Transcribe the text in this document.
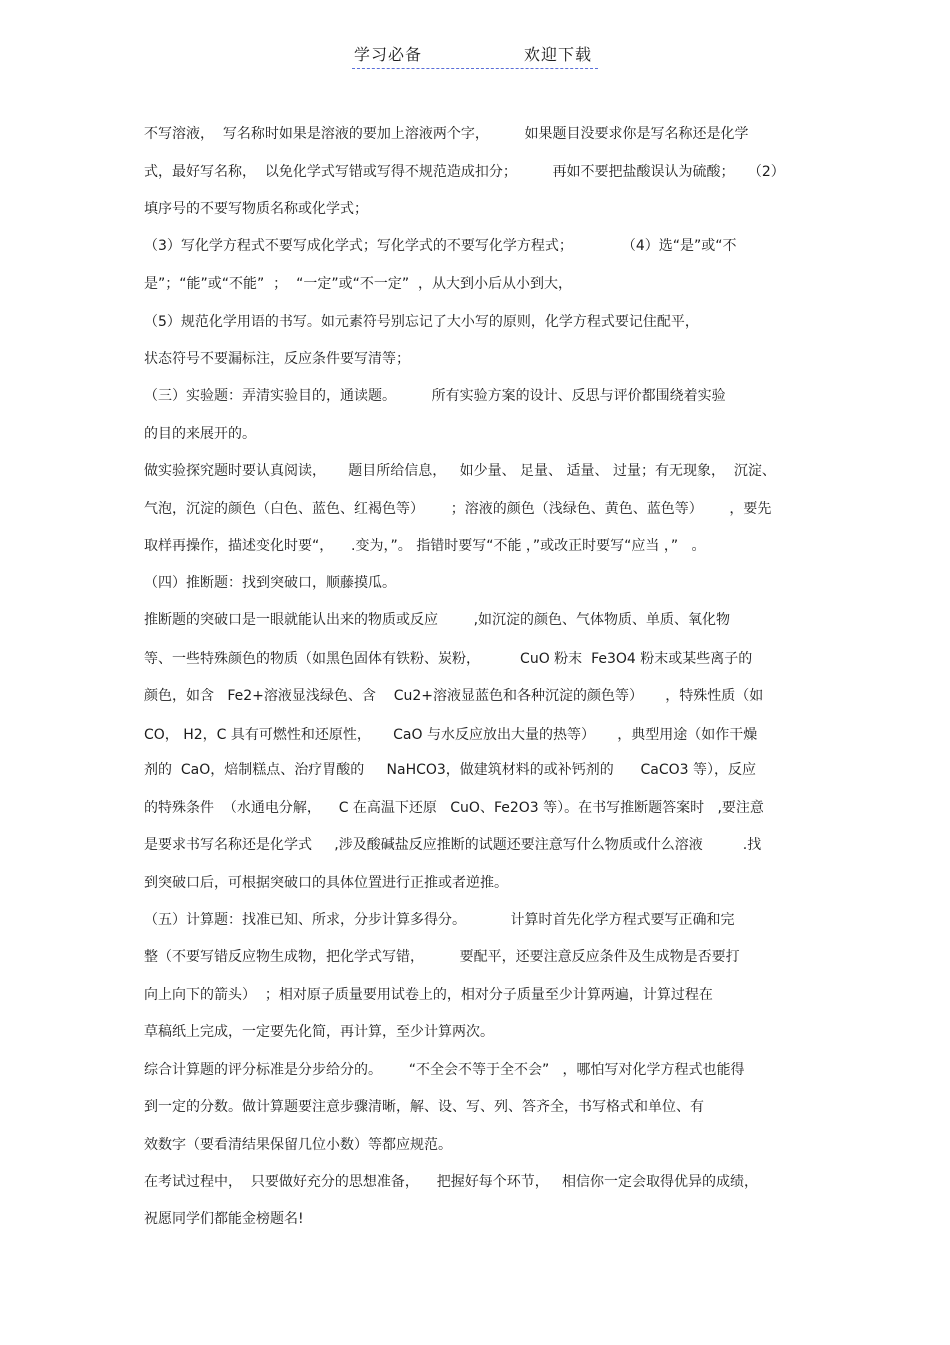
学习必备	欢迎下载
不写溶液，  写名称时如果是溶液的要加上溶液两个字，        如果题目没要求你是写名称还是化学
式，最好写名称，  以免化学式写错或写得不规范造成扣分；        再如不要把盐酸误认为硫酸；   （2）
填序号的不要写物质名称或化学式；
（3）写化学方程式不要写成化学式；写化学式的不要写化学方程式；           （4）选“是”或“不
是”；“能”或“不能”  ；  “一定”或“不一定”  ，从大到小后从小到大，
（5）规范化学用语的书写。如元素符号别忘记了大小写的原则，化学方程式要记住配平，
状态符号不要漏标注，反应条件要写清等；
（三）实验题：弄清实验目的，通读题。        所有实验方案的设计、反思与评价都围绕着实验
的目的来展开的。
做实验探究题时要认真阅读，     题目所给信息，   如少量、 足量、 适量、 过量；有无现象，  沉淀、
气泡，沉淀的颜色（白色、蓝色、红褐色等）      ；溶液的颜色（浅绿色、黄色、蓝色等）      ，要先
取样再操作，描述变化时要“，    .变为，”。 指错时要写“不能 ，”或改正时要写“应当 ，”   。
（四）推断题：找到突破口，顺藤摸瓜。
推断题的突破口是一眼就能认出来的物质或反应        ,如沉淀的颜色、气体物质、单质、氧化物
等、一些特殊颜色的物质（如黑色固体有铁粉、炭粉，         CuO 粉末  Fe3O4 粉末或某些离子的
颜色，如含   Fe2+溶液显浅绿色、含    Cu2+溶液显蓝色和各种沉淀的颜色等）     ，特殊性质（如
CO， H2，C 具有可燃性和还原性，     CaO 与水反应放出大量的热等）     ，典型用途（如作干燥
剂的  CaO，焙制糕点、治疗胃酸的     NaHCO3，做建筑材料的或补钙剂的      CaCO3 等），反应
的特殊条件  （水通电分解，    C 在高温下还原   CuO、Fe2O3 等）。在书写推断题答案时   ,要注意
是要求书写名称还是化学式     ,涉及酸碱盐反应推断的试题还要注意写什么物质或什么溶液         .找
到突破口后，可根据突破口的具体位置进行正推或者逆推。
（五）计算题：找准已知、所求，分步计算多得分。          计算时首先化学方程式要写正确和完
整（不要写错反应物生成物，把化学式写错，        要配平，还要注意反应条件及生成物是否要打
向上向下的箭头）  ；相对原子质量要用试卷上的，相对分子质量至少计算两遍，计算过程在
草稿纸上完成，一定要先化简，再计算，至少计算两次。
综合计算题的评分标准是分步给分的。      “不全会不等于全不会”   ，哪怕写对化学方程式也能得
到一定的分数。做计算题要注意步骤清晰，解、设、写、列、答齐全，书写格式和单位、有
效数字（要看清结果保留几位小数）等都应规范。
在考试过程中，  只要做好充分的思想准备，    把握好每个环节，   相信你一定会取得优异的成绩，
祝愿同学们都能金榜题名!
